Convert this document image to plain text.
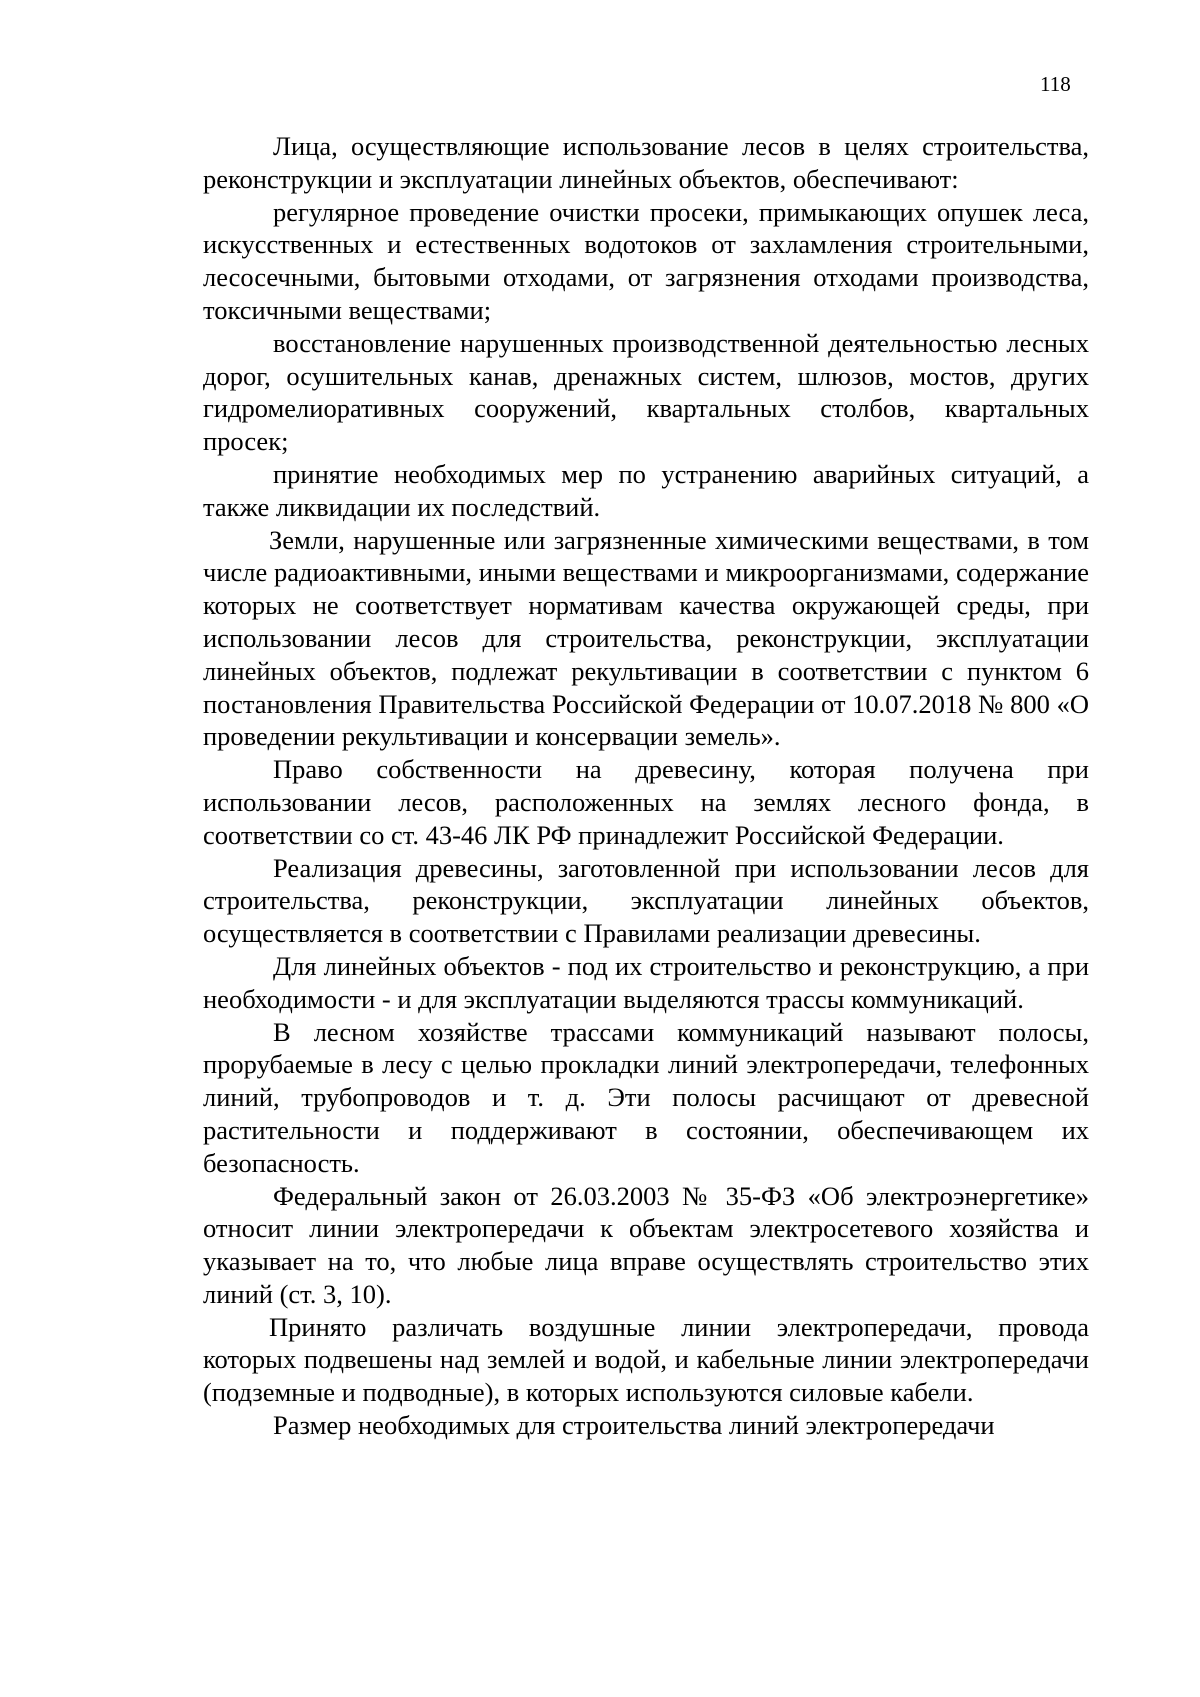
118

Лица, осуществляющие использование лесов в целях строительства, реконструкции и эксплуатации линейных объектов, обеспечивают:

регулярное проведение очистки просеки, примыкающих опушек леса, искусственных и естественных водотоков от захламления строительными, лесосечными, бытовыми отходами, от загрязнения отходами производства, токсичными веществами;

восстановление нарушенных производственной деятельностью лесных дорог, осушительных канав, дренажных систем, шлюзов, мостов, других гидромелиоративных сооружений, квартальных столбов, квартальных просек;

принятие необходимых мер по устранению аварийных ситуаций, а также ликвидации их последствий.

Земли, нарушенные или загрязненные химическими веществами, в том числе радиоактивными, иными веществами и микроорганизмами, содержание которых не соответствует нормативам качества окружающей среды, при использовании лесов для строительства, реконструкции, эксплуатации линейных объектов, подлежат рекультивации в соответствии с пунктом 6 постановления Правительства Российской Федерации от 10.07.2018 № 800 «О проведении рекультивации и консервации земель».

Право собственности на древесину, которая получена при использовании лесов, расположенных на землях лесного фонда, в соответствии со ст. 43-46 ЛК РФ принадлежит Российской Федерации.

Реализация древесины, заготовленной при использовании лесов для строительства, реконструкции, эксплуатации линейных объектов, осуществляется в соответствии с Правилами реализации древесины.

Для линейных объектов - под их строительство и реконструкцию, а при необходимости - и для эксплуатации выделяются трассы коммуникаций.

В лесном хозяйстве трассами коммуникаций называют полосы, прорубаемые в лесу с целью прокладки линий электропередачи, телефонных линий, трубопроводов и т. д. Эти полосы расчищают от древесной растительности и поддерживают в состоянии, обеспечивающем их безопасность.

Федеральный закон от 26.03.2003 № 35-ФЗ «Об электроэнергетике» относит линии электропередачи к объектам электросетевого хозяйства и указывает на то, что любые лица вправе осуществлять строительство этих линий (ст. 3, 10).

Принято различать воздушные линии электропередачи, провода которых подвешены над землей и водой, и кабельные линии электропередачи (подземные и подводные), в которых используются силовые кабели.

Размер необходимых для строительства линий электропередачи
